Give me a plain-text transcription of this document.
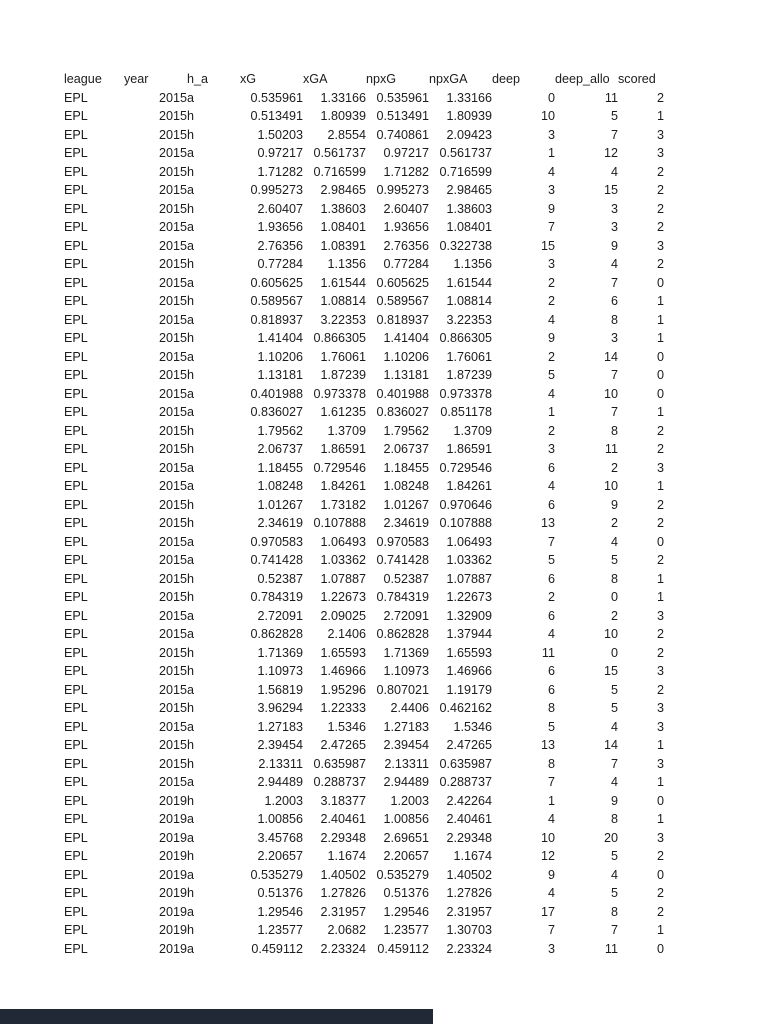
league	year	h_a	xG	xGA	npxG	npxGA	deep	deep_allo	scored
EPL	2015	a	0.535961	1.33166	0.535961	1.33166	0	11	2
EPL	2015	h	0.513491	1.80939	0.513491	1.80939	10	5	1
EPL	2015	h	1.50203	2.8554	0.740861	2.09423	3	7	3
EPL	2015	a	0.97217	0.561737	0.97217	0.561737	1	12	3
EPL	2015	h	1.71282	0.716599	1.71282	0.716599	4	4	2
EPL	2015	a	0.995273	2.98465	0.995273	2.98465	3	15	2
EPL	2015	h	2.60407	1.38603	2.60407	1.38603	9	3	2
EPL	2015	a	1.93656	1.08401	1.93656	1.08401	7	3	2
EPL	2015	a	2.76356	1.08391	2.76356	0.322738	15	9	3
EPL	2015	h	0.77284	1.1356	0.77284	1.1356	3	4	2
EPL	2015	a	0.605625	1.61544	0.605625	1.61544	2	7	0
EPL	2015	h	0.589567	1.08814	0.589567	1.08814	2	6	1
EPL	2015	a	0.818937	3.22353	0.818937	3.22353	4	8	1
EPL	2015	h	1.41404	0.866305	1.41404	0.866305	9	3	1
EPL	2015	a	1.10206	1.76061	1.10206	1.76061	2	14	0
EPL	2015	h	1.13181	1.87239	1.13181	1.87239	5	7	0
EPL	2015	a	0.401988	0.973378	0.401988	0.973378	4	10	0
EPL	2015	a	0.836027	1.61235	0.836027	0.851178	1	7	1
EPL	2015	h	1.79562	1.3709	1.79562	1.3709	2	8	2
EPL	2015	h	2.06737	1.86591	2.06737	1.86591	3	11	2
EPL	2015	a	1.18455	0.729546	1.18455	0.729546	6	2	3
EPL	2015	a	1.08248	1.84261	1.08248	1.84261	4	10	1
EPL	2015	h	1.01267	1.73182	1.01267	0.970646	6	9	2
EPL	2015	h	2.34619	0.107888	2.34619	0.107888	13	2	2
EPL	2015	a	0.970583	1.06493	0.970583	1.06493	7	4	0
EPL	2015	a	0.741428	1.03362	0.741428	1.03362	5	5	2
EPL	2015	h	0.52387	1.07887	0.52387	1.07887	6	8	1
EPL	2015	h	0.784319	1.22673	0.784319	1.22673	2	0	1
EPL	2015	a	2.72091	2.09025	2.72091	1.32909	6	2	3
EPL	2015	a	0.862828	2.1406	0.862828	1.37944	4	10	2
EPL	2015	h	1.71369	1.65593	1.71369	1.65593	11	0	2
EPL	2015	h	1.10973	1.46966	1.10973	1.46966	6	15	3
EPL	2015	a	1.56819	1.95296	0.807021	1.19179	6	5	2
EPL	2015	h	3.96294	1.22333	2.4406	0.462162	8	5	3
EPL	2015	a	1.27183	1.5346	1.27183	1.5346	5	4	3
EPL	2015	h	2.39454	2.47265	2.39454	2.47265	13	14	1
EPL	2015	h	2.13311	0.635987	2.13311	0.635987	8	7	3
EPL	2015	a	2.94489	0.288737	2.94489	0.288737	7	4	1
EPL	2019	h	1.2003	3.18377	1.2003	2.42264	1	9	0
EPL	2019	a	1.00856	2.40461	1.00856	2.40461	4	8	1
EPL	2019	a	3.45768	2.29348	2.69651	2.29348	10	20	3
EPL	2019	h	2.20657	1.1674	2.20657	1.1674	12	5	2
EPL	2019	a	0.535279	1.40502	0.535279	1.40502	9	4	0
EPL	2019	h	0.51376	1.27826	0.51376	1.27826	4	5	2
EPL	2019	a	1.29546	2.31957	1.29546	2.31957	17	8	2
EPL	2019	h	1.23577	2.0682	1.23577	1.30703	7	7	1
EPL	2019	a	0.459112	2.23324	0.459112	2.23324	3	11	0
